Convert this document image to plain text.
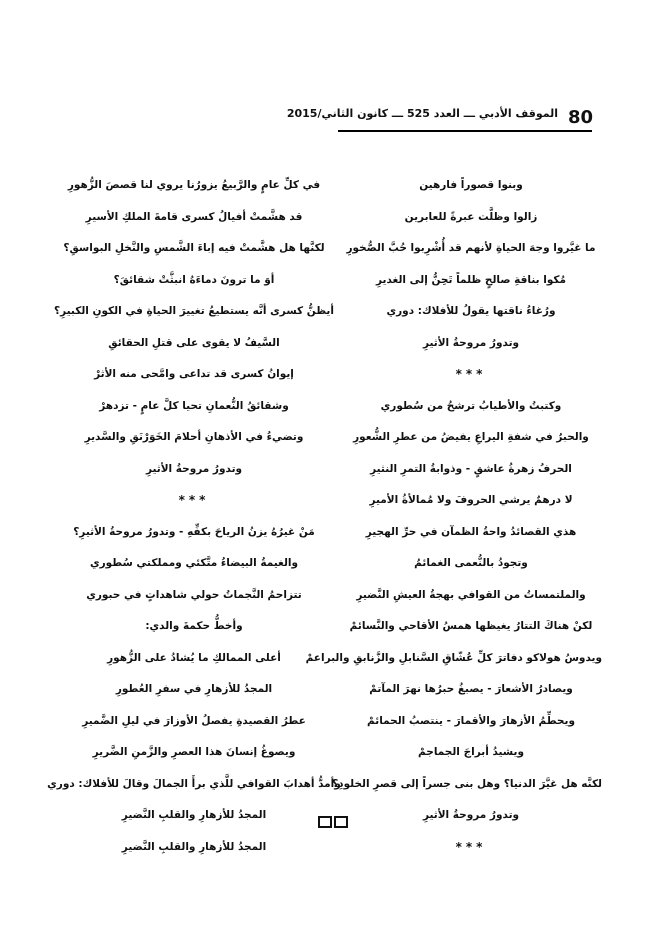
80
الموقف الأدبي ـــ العدد 525 ـــ كانون الثاني/2015
وبنوا قصوراً فارهين
زالوا وظلَّت عبرةً للعابرين
ما غيَّروا وجهَ الحياةِ لأنهم قد أُشْرِبوا حُبَّ الصُّخورِ
مُكوا بناقةِ صالحٍ ظلماً تَحِنُّ إلى الغديرِ
ورُغاءُ ناقتها يقولُ للأفلاك: دوري
وتدورُ مروحةُ الأثيرِ
***
وكتبتُ والأطيابُ ترشحُ من سُطوري
والحبرُ في شفةِ اليراعِ يفيضُ من عطرِ الشُّعورِ
الحرفُ زهرةُ عاشقٍ - وذوابةُ التمرِ النثيرِ
لا درهمٌ يرشي الحروفَ ولا مُمالأةُ الأميرِ
هذي القصائدُ واحةُ الظمآن في حرِّ الهجيرِ
وتجودُ بالنُّعمى الغمائمُ
والملتمساتُ من القوافي بهجةُ العيشِ النَّضيرِ
لكنْ هناكَ التتارُ يغيظها همسُ الأقاحي والنَّسائمْ
ويدوسُ هولاكو دفاترَ كلِّ عُشّاقِ السَّنابلِ والزَّنابقِ والبراعمْ
ويصادرُ الأشعارَ - يصبغُ حبرُها نهرَ المآتمْ
ويحطِّمُ الأزهارَ والأقمارَ - ينتصبُ الحمائمْ
ويشيدُ أبراجَ الجماجمْ
لكنَّه هل غيَّرَ الدنيا؟ وهل بنى جسراً إلى قصرِ الخلودِ؟
وتدورُ مروحةُ الأثيرِ
***
في كلِّ عامٍ والرَّبيعُ يزورُنا يروي لنا قصصَ الزُّهورِ
قد هشَّمتْ أفيالُ كسرى قامةَ الملكِ الأسيرِ
لكنَّها هل هشَّمتْ فيه إباءَ الشَّمسِ والنَّخلِ البواسقِ؟
أوَ ما ترونَ دماءَهُ انبثَّتْ شقائقَ؟
أيظنُّ كسرى أنَّه يستطيعُ تغييرَ الحياةِ في الكونِ الكبيرِ؟
السَّيفُ لا يقوى على قتلِ الحقائقِ
إيوانُ كسرى قد تداعى وامَّحى منه الأثرْ
وشقائقُ النُّعمانِ تحيا كلَّ عامٍ - تزدهرْ
وتضيءُ في الأذهانِ أحلامَ الخَوَرْنَقِ والسَّديرِ
وتدورُ مروحةُ الأثيرِ
***
مَنْ غيرُهُ يزنُ الرياحَ بكفِّهِ - وتدورُ مروحةُ الأثيرِ؟
والغيمةُ البيضاءُ متَّكئي ومملكتي سُطوري
تتزاحمُ النَّجماتُ حولي شاهداتٍ في حبوري
وأخطُّ حكمةَ والدي:
أعلى الممالكِ ما يُشادُ على الزُّهورِ
المجدُ للأزهارِ في سفرِ العُطورِ
عطرُ القصيدةِ يفصلُ الأوزارَ في ليلِ الضَّميرِ
ويصوغُ إنسانَ هذا العصرِ والزَّمنِ الضَّريرِ
وأمدُّ أهدابَ القوافي للَّذي برأَ الجمالَ وقالَ للأفلاك: دوري
المجدُ للأزهارِ والقلبِ النَّضيرِ
المجدُ للأزهارِ والقلبِ النَّضيرِ
